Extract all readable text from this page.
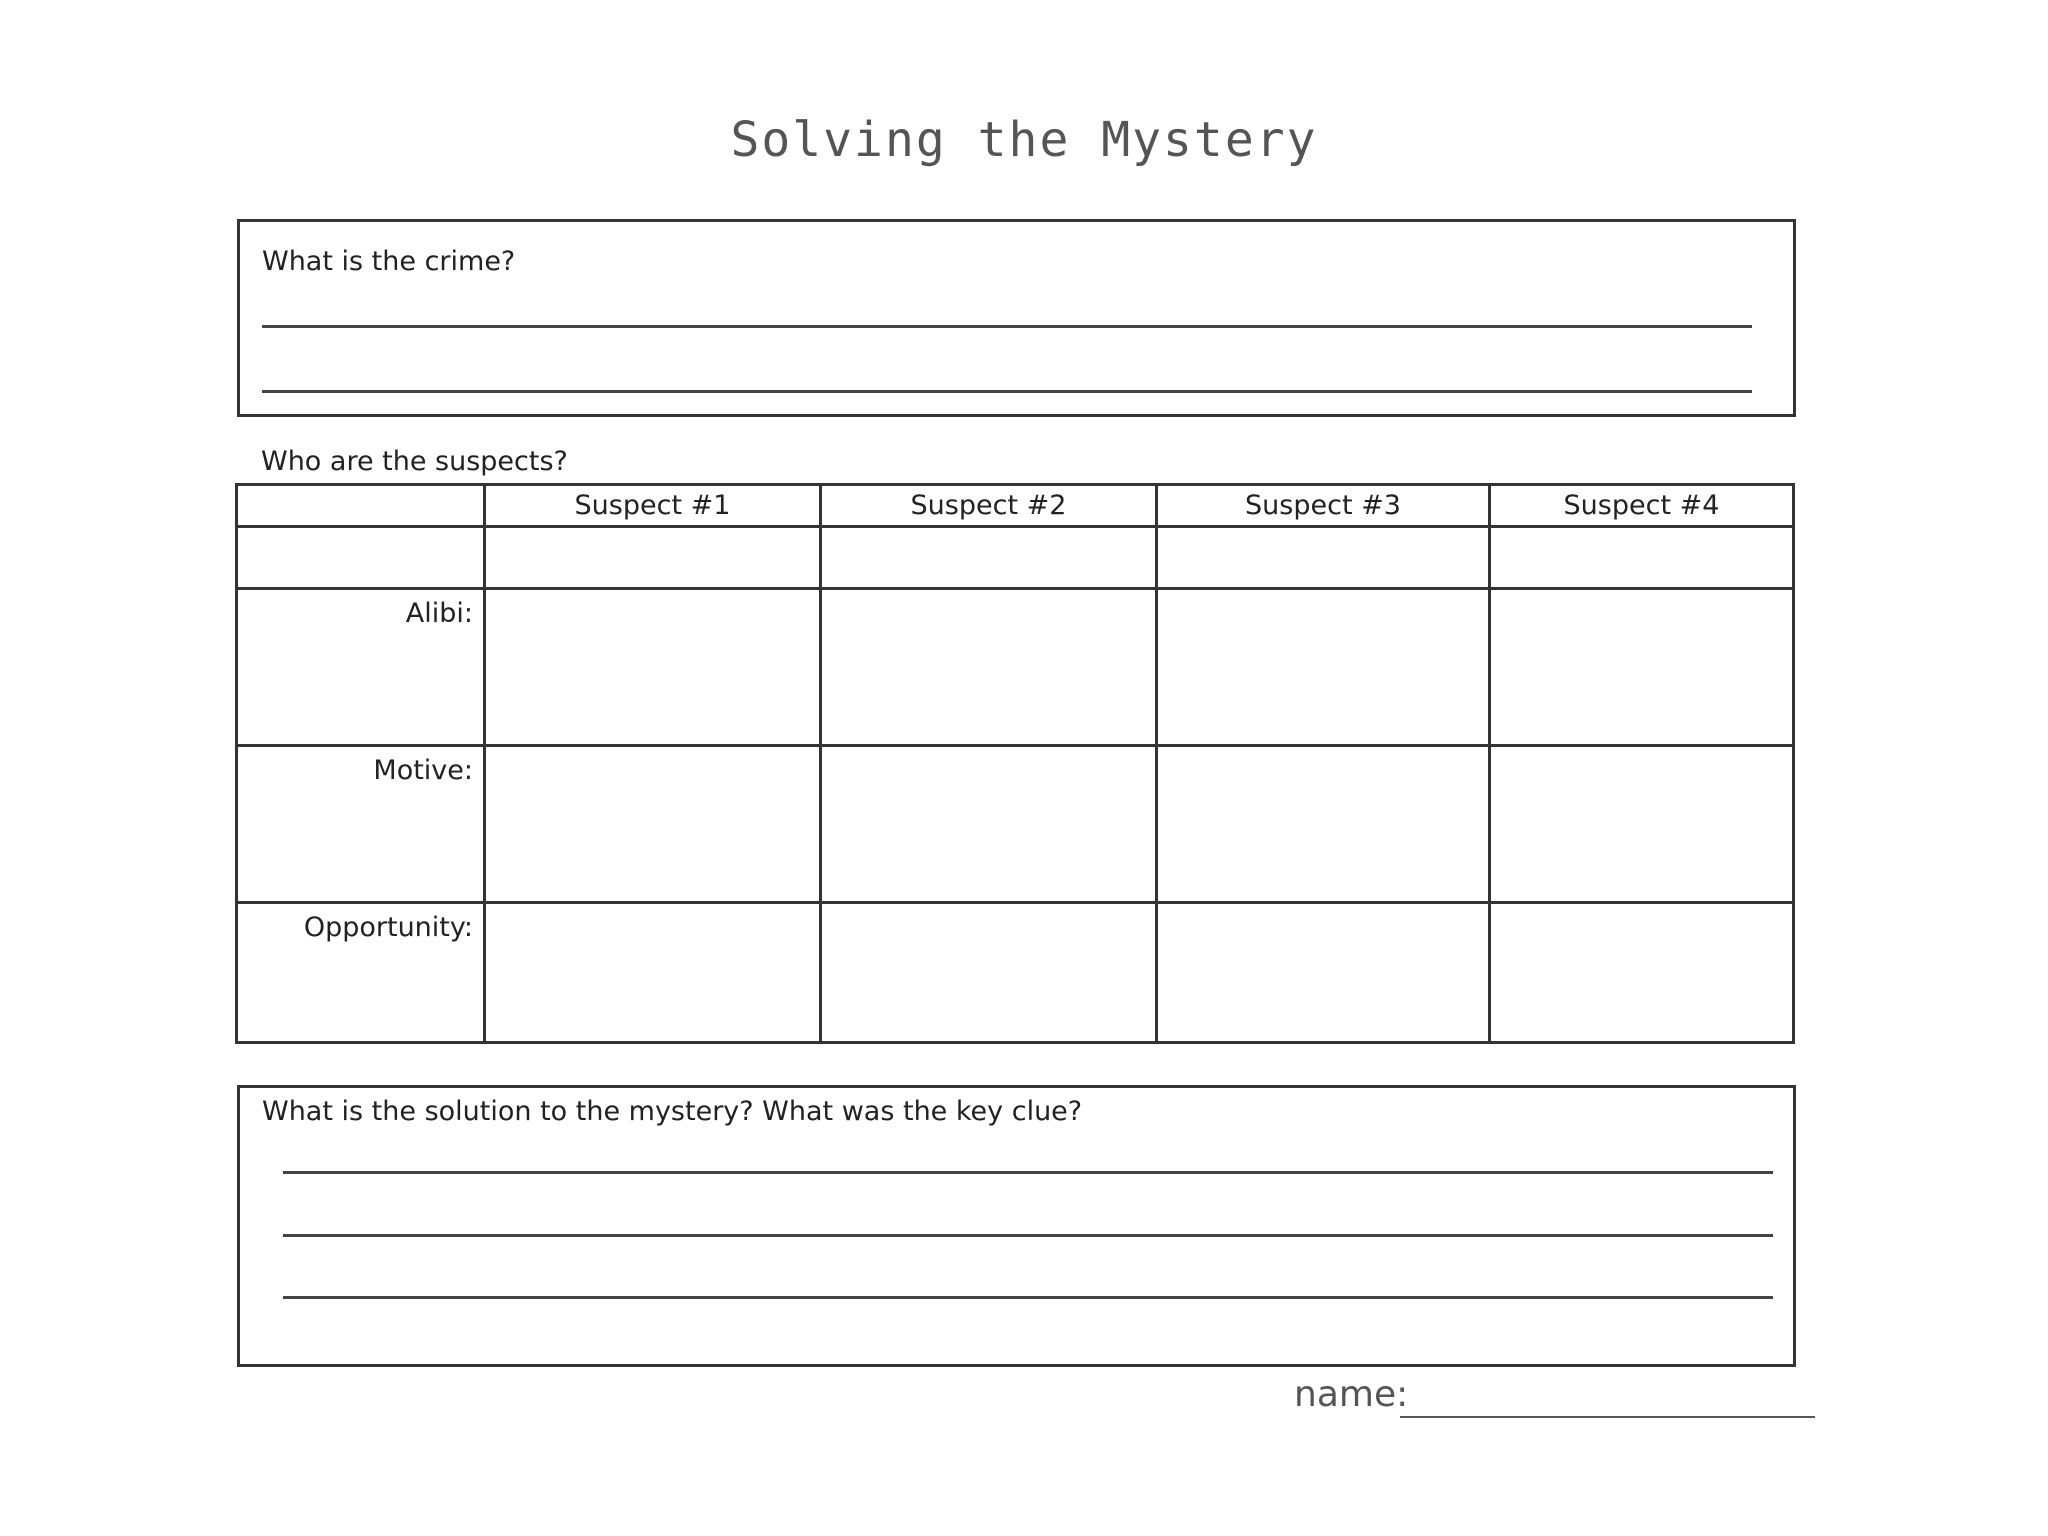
Solving the Mystery
What is the crime?
Who are the suspects?
	Suspect #1	Suspect #2	Suspect #3	Suspect #4

Alibi:				
Motive:				
Opportunity:				
What is the solution to the mystery? What was the key clue?
name:
